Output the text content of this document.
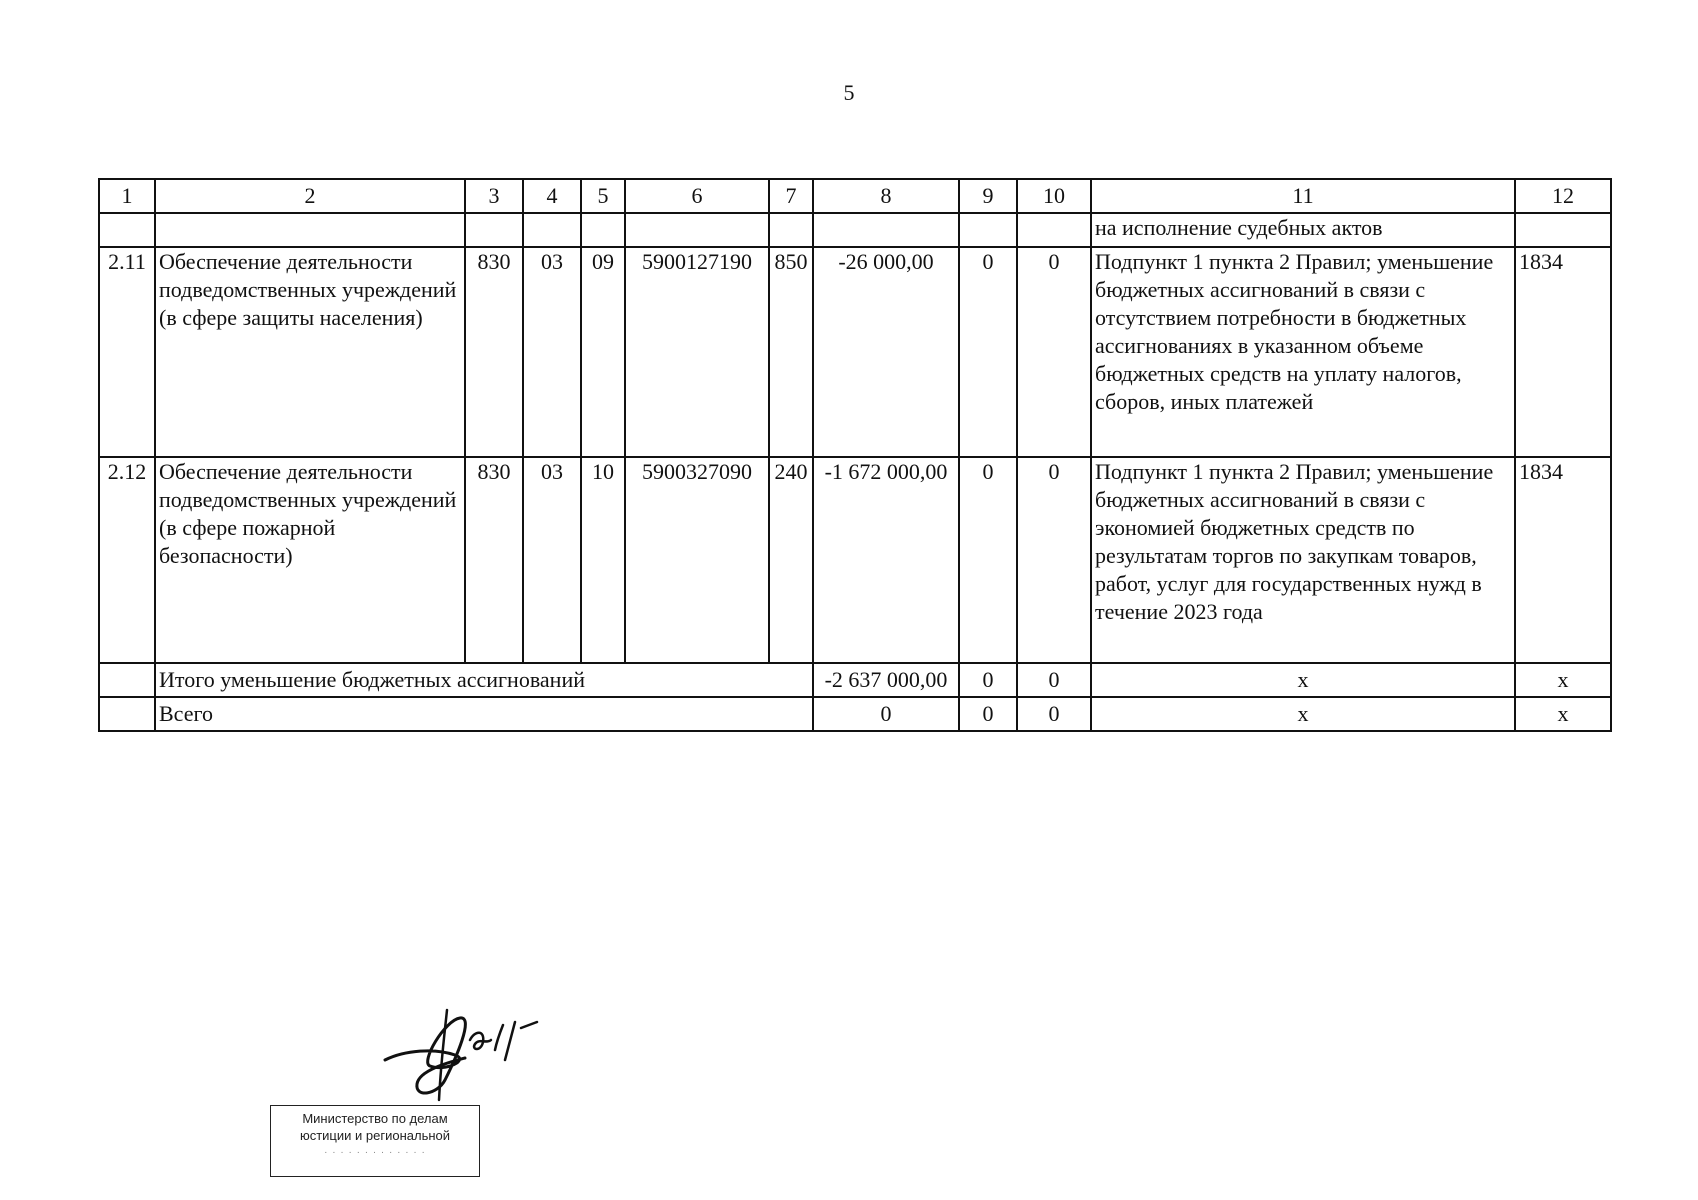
5
1	2	3	4	5	6	7	8	9	10	11	12
										на исполнение судебных актов	
2.11	Обеспечение деятельности подведомственных учреждений (в сфере защиты населения)	830	03	09	5900127190	850	-26 000,00	0	0	Подпункт 1 пункта 2 Правил; уменьшение бюджетных ассигнований в связи с отсутствием потребности в бюджетных ассигнованиях в указанном объеме бюджетных средств на уплату налогов, сборов, иных платежей	1834
2.12	Обеспечение деятельности подведомственных учреждений (в сфере пожарной безопасности)	830	03	10	5900327090	240	-1 672 000,00	0	0	Подпункт 1 пункта 2 Правил; уменьшение бюджетных ассигнований в связи с экономией бюджетных средств по результатам торгов по закупкам товаров, работ, услуг для государственных нужд в течение 2023 года	1834
	Итого уменьшение бюджетных ассигнований						-2 637 000,00	0	0	х	х
	Всего						0	0	0	х	х
Министерство по делам
юстиции и региональной
· · · · · · · · · · · · ·
